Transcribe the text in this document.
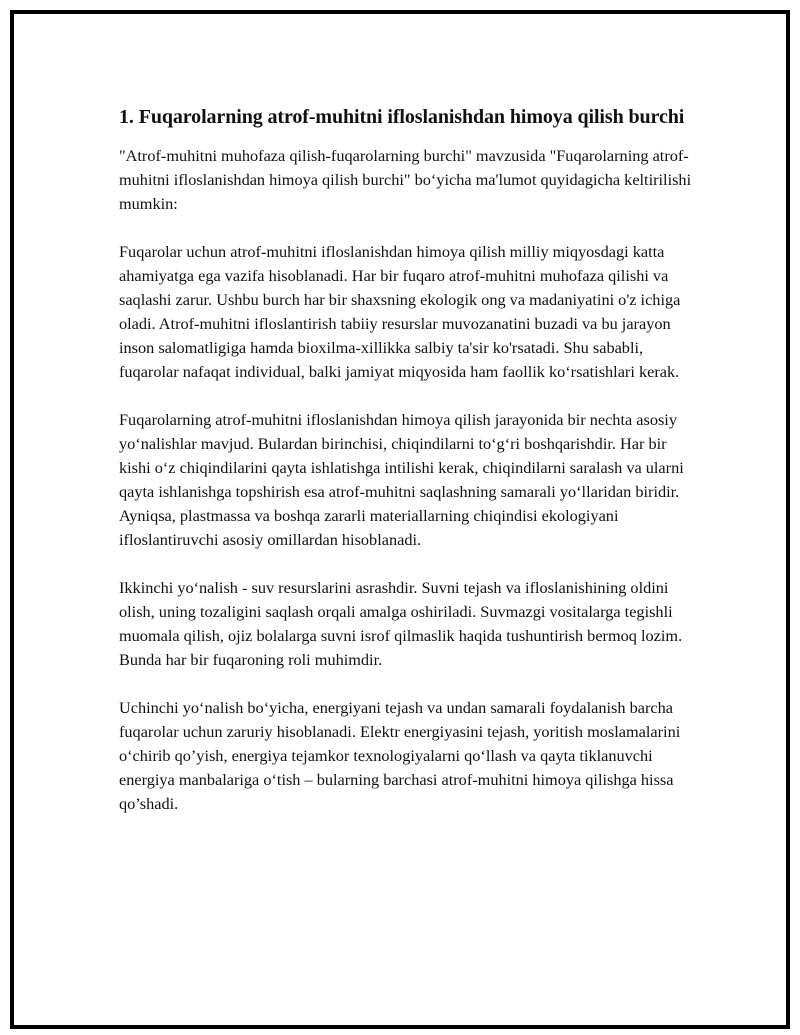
1. Fuqarolarning atrof-muhitni ifloslanishdan himoya qilish burchi

"Atrof-muhitni muhofaza qilish-fuqarolarning burchi" mavzusida "Fuqarolarning atrof-muhitni ifloslanishdan himoya qilish burchi" bo‘yicha ma'lumot quyidagicha keltirilishi mumkin:

Fuqarolar uchun atrof-muhitni ifloslanishdan himoya qilish milliy miqyosdagi katta ahamiyatga ega vazifa hisoblanadi. Har bir fuqaro atrof-muhitni muhofaza qilishi va saqlashi zarur. Ushbu burch har bir shaxsning ekologik ong va madaniyatini o'z ichiga oladi. Atrof-muhitni ifloslantirish tabiiy resurslar muvozanatini buzadi va bu jarayon inson salomatligiga hamda bioxilma-xillikka salbiy ta'sir ko'rsatadi. Shu sababli, fuqarolar nafaqat individual, balki jamiyat miqyosida ham faollik ko‘rsatishlari kerak.

Fuqarolarning atrof-muhitni ifloslanishdan himoya qilish jarayonida bir nechta asosiy yo‘nalishlar mavjud. Bulardan birinchisi, chiqindilarni to‘g‘ri boshqarishdir. Har bir kishi o‘z chiqindilarini qayta ishlatishga intilishi kerak, chiqindilarni saralash va ularni qayta ishlanishga topshirish esa atrof-muhitni saqlashning samarali yo‘llaridan biridir. Ayniqsa, plastmassa va boshqa zararli materiallarning chiqindisi ekologiyani ifloslantiruvchi asosiy omillardan hisoblanadi.

Ikkinchi yo‘nalish - suv resurslarini asrashdir. Suvni tejash va ifloslanishining oldini olish, uning tozaligini saqlash orqali amalga oshiriladi. Suvmazgi vositalarga tegishli muomala qilish, ojiz bolalarga suvni isrof qilmaslik haqida tushuntirish bermoq lozim. Bunda har bir fuqaroning roli muhimdir.

Uchinchi yo‘nalish bo‘yicha, energiyani tejash va undan samarali foydalanish barcha fuqarolar uchun zaruriy hisoblanadi. Elektr energiyasini tejash, yoritish moslamalarini o‘chirib qo’yish, energiya tejamkor texnologiyalarni qo‘llash va qayta tiklanuvchi energiya manbalariga o‘tish – bularning barchasi atrof-muhitni himoya qilishga hissa qo’shadi.
